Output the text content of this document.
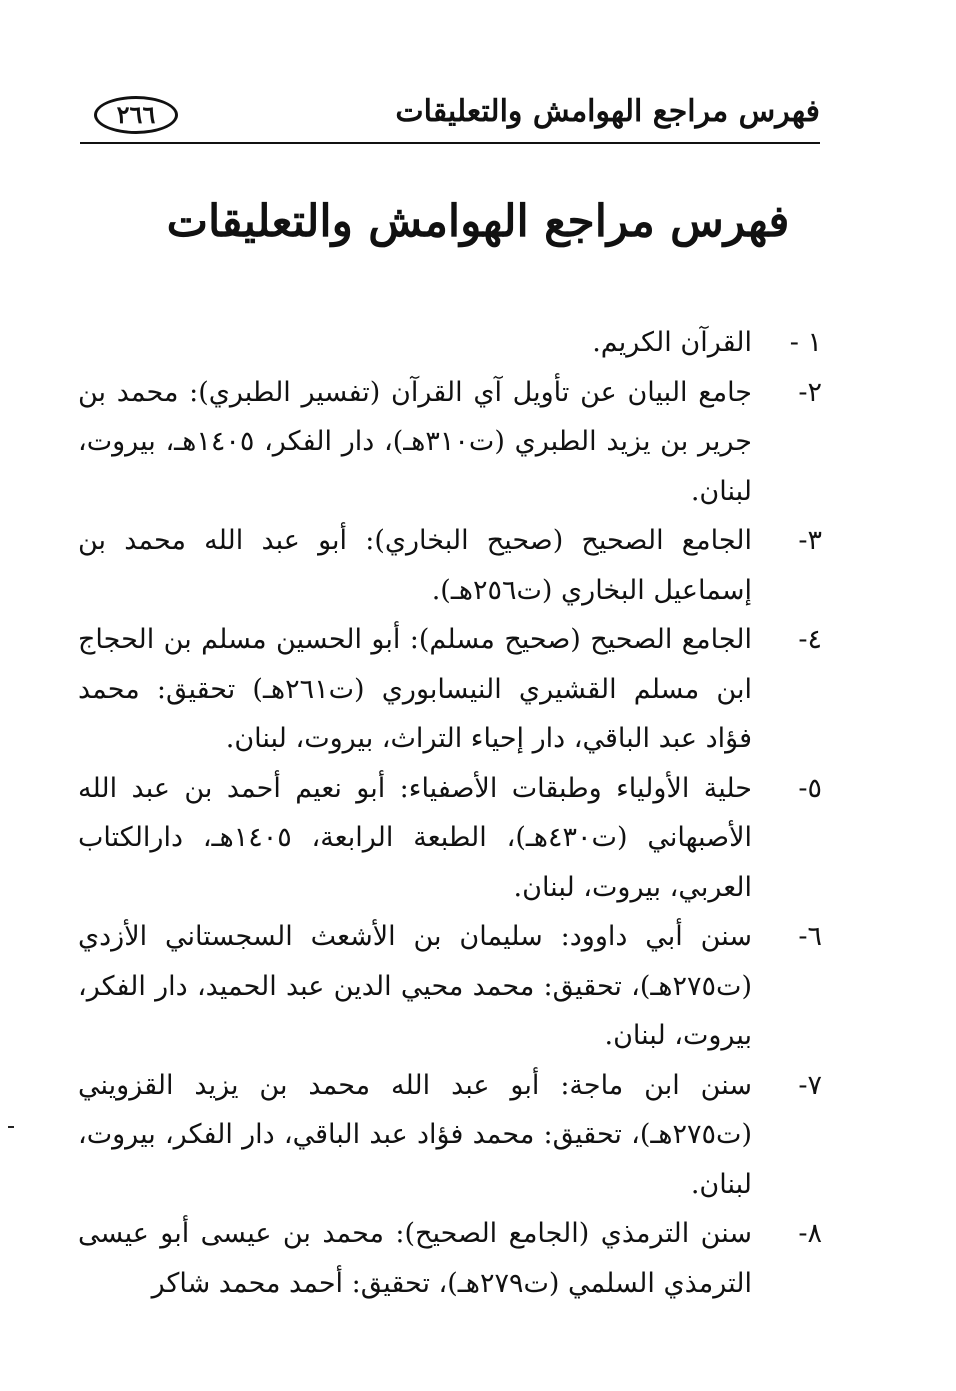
فهرس مراجع الهوامش والتعليقات
٢٦٦
فهرس مراجع الهوامش والتعليقات
١ -
القرآن الكريم.
٢-
جامع البيان عن تأويل آي القرآن (تفسير الطبري): محمد بن جرير بن يزيد الطبري (ت٣١٠هـ)، دار الفكر، ١٤٠٥هـ، بيروت، لبنان.
٣-
الجامع الصحيح (صحيح البخاري): أبو عبد الله محمد بن إسماعيل البخاري (ت٢٥٦هـ).
٤-
الجامع الصحيح (صحيح مسلم): أبو الحسين مسلم بن الحجاج ابن مسلم القشيري النيسابوري (ت٢٦١هـ) تحقيق: محمد فؤاد عبد الباقي، دار إحياء التراث، بيروت، لبنان.
٥-
حلية الأولياء وطبقات الأصفياء: أبو نعيم أحمد بن عبد الله الأصبهاني (ت٤٣٠هـ)، الطبعة الرابعة، ١٤٠٥هـ، دارالكتاب العربي، بيروت، لبنان.
٦-
سنن أبي داوود: سليمان بن الأشعث السجستاني الأزدي (ت٢٧٥هـ)، تحقيق: محمد محيي الدين عبد الحميد، دار الفكر، بيروت، لبنان.
٧-
سنن ابن ماجة: أبو عبد الله محمد بن يزيد القزويني (ت٢٧٥هـ)، تحقيق: محمد فؤاد عبد الباقي، دار الفكر، بيروت، لبنان.
٨-
سنن الترمذي (الجامع الصحيح): محمد بن عيسى أبو عيسى الترمذي السلمي (ت٢٧٩هـ)، تحقيق: أحمد محمد شاكر
